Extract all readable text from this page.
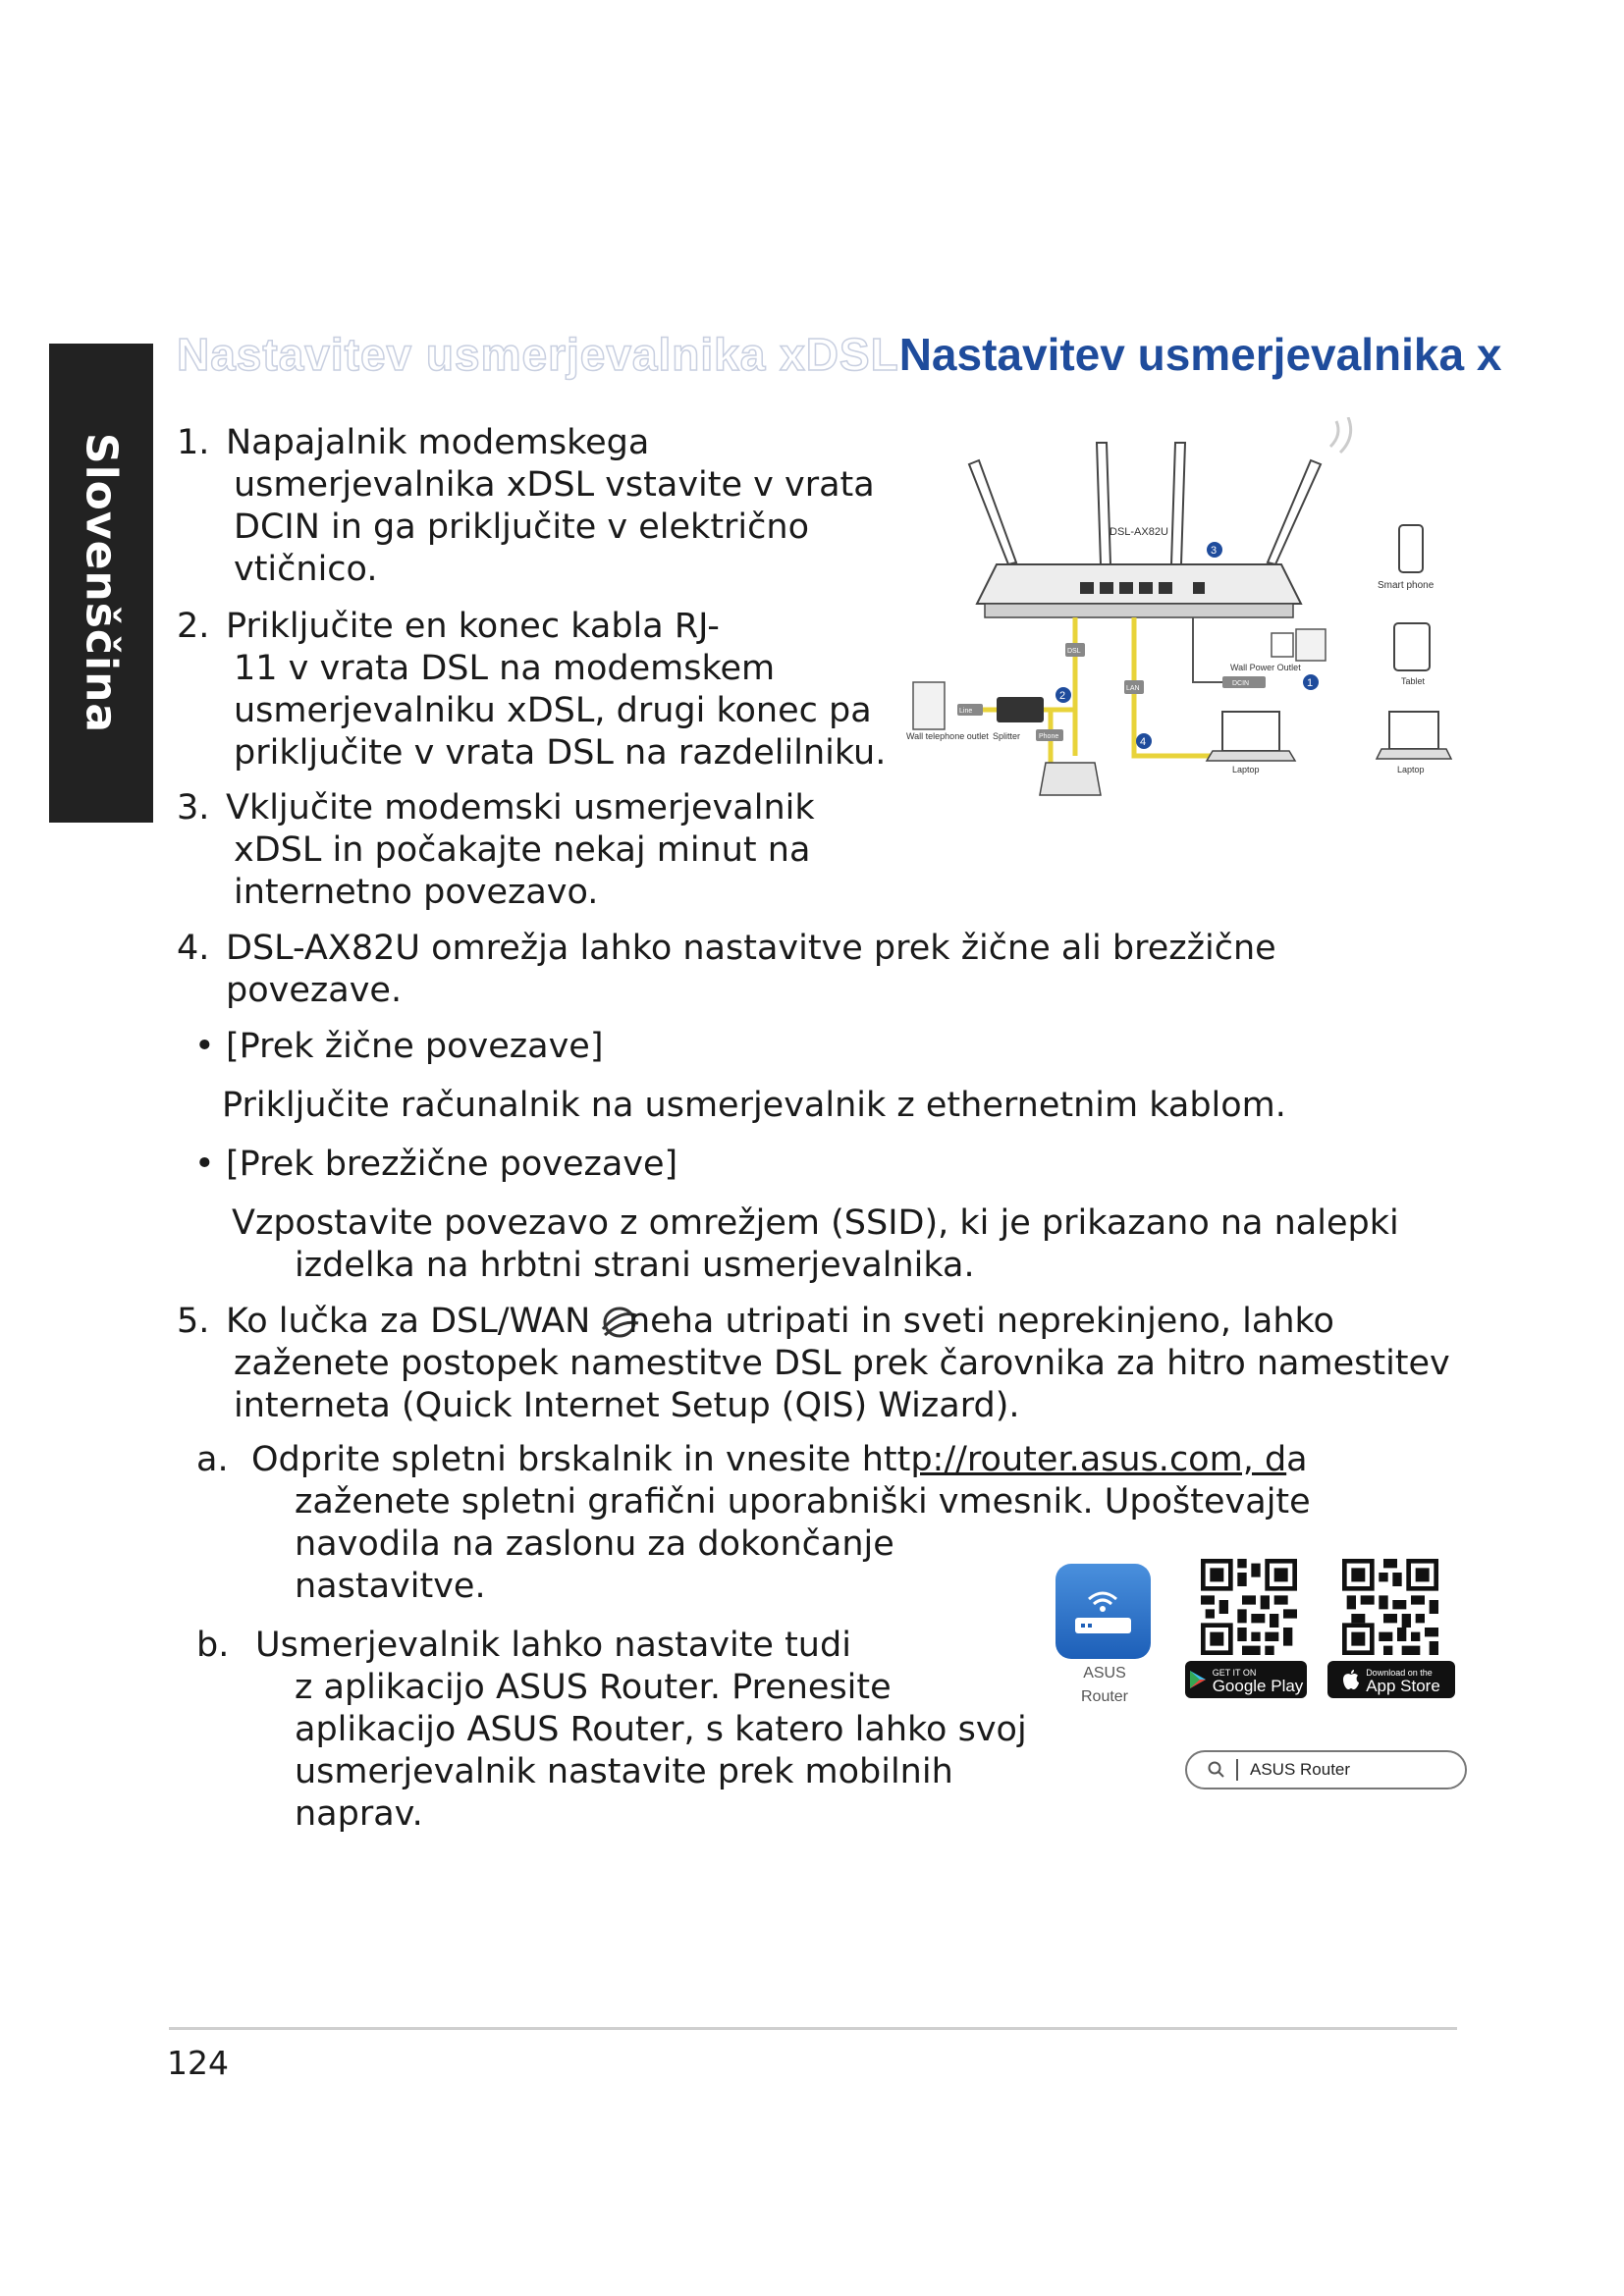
Slovenščina
Nastavitev usmerjevalnika xDSLNastavitev usmerjevalnika x
1. Napajalnik modemskega
usmerjevalnika xDSL vstavite v vrata
DCIN in ga priključite v električno
vtičnico.
2. Priključite en konec kabla RJ-
11 v vrata DSL na modemskem
usmerjevalniku xDSL, drugi konec pa
priključite v vrata DSL na razdelilniku.
3. Vključite modemski usmerjevalnik
xDSL in počakajte nekaj minut na
internetno povezavo.
4. DSL-AX82U omrežja lahko nastavitve prek žične ali brezžične
povezave.
• [Prek žične povezave]
Priključite računalnik na usmerjevalnik z ethernetnim kablom.
• [Prek brezžične povezave]
Vzpostavite povezavo z omrežjem (SSID), ki je prikazano na nalepki
izdelka na hrbtni strani usmerjevalnika.
5. Ko lučka za DSL/WAN neha utripati in sveti neprekinjeno, lahko
zaženete postopek namestitve DSL prek čarovnika za hitro namestitev
interneta (Quick Internet Setup (QIS) Wizard).
a. Odprite spletni brskalnik in vnesite http://router.asus.com, da
zaženete spletni grafični uporabniški vmesnik. Upoštevajte
navodila na zaslonu za dokončanje
nastavitve.
b. Usmerjevalnik lahko nastavite tudi
z aplikacijo ASUS Router. Prenesite
aplikacijo ASUS Router, s katero lahko svoj
usmerjevalnik nastavite prek mobilnih
naprav.
DSL-AX82U
Splitter
Line
Phone
Wall telephone outlet
DSL
LAN
Wall Power Outlet
DCIN
Laptop
Smart phone
Tablet
Laptop
1
2
3
4
ASUS
Router
GET IT ON
Google Play
Download on the
App Store
ASUS Router
124
